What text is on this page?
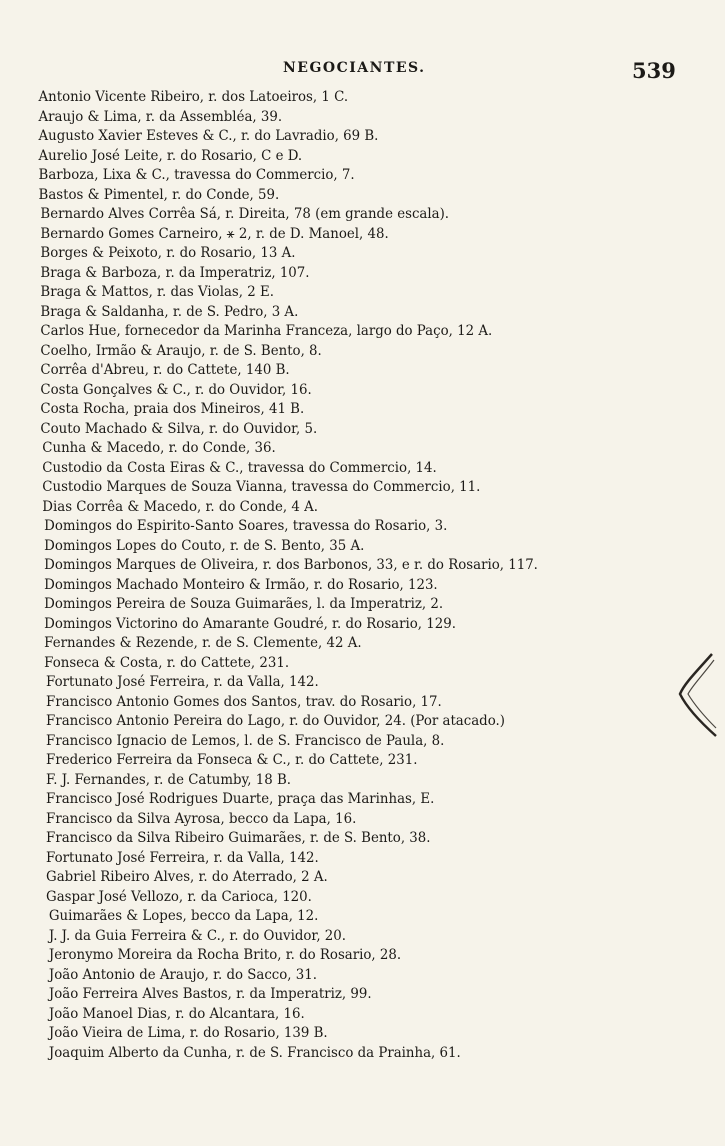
NEGOCIANTES.	539
Antonio Vicente Ribeiro, r. dos Latoeiros, 1 C.
Araujo & Lima, r. da Assembléa, 39.
Augusto Xavier Esteves & C., r. do Lavradio, 69 B.
Aurelio José Leite, r. do Rosario, C e D.
Barboza, Lixa & C., travessa do Commercio, 7.
Bastos & Pimentel, r. do Conde, 59.
Bernardo Alves Corrêa Sá, r. Direita, 78 (em grande escala).
Bernardo Gomes Carneiro, ⚹ 2, r. de D. Manoel, 48.
Borges & Peixoto, r. do Rosario, 13 A.
Braga & Barboza, r. da Imperatriz, 107.
Braga & Mattos, r. das Violas, 2 E.
Braga & Saldanha, r. de S. Pedro, 3 A.
Carlos Hue, fornecedor da Marinha Franceza, largo do Paço, 12 A.
Coelho, Irmão & Araujo, r. de S. Bento, 8.
Corrêa d'Abreu, r. do Cattete, 140 B.
Costa Gonçalves & C., r. do Ouvidor, 16.
Costa Rocha, praia dos Mineiros, 41 B.
Couto Machado & Silva, r. do Ouvidor, 5.
Cunha & Macedo, r. do Conde, 36.
Custodio da Costa Eiras & C., travessa do Commercio, 14.
Custodio Marques de Souza Vianna, travessa do Commercio, 11.
Dias Corrêa & Macedo, r. do Conde, 4 A.
Domingos do Espirito-Santo Soares, travessa do Rosario, 3.
Domingos Lopes do Couto, r. de S. Bento, 35 A.
Domingos Marques de Oliveira, r. dos Barbonos, 33, e r. do Rosario, 117.
Domingos Machado Monteiro & Irmão, r. do Rosario, 123.
Domingos Pereira de Souza Guimarães, l. da Imperatriz, 2.
Domingos Victorino do Amarante Goudré, r. do Rosario, 129.
Fernandes & Rezende, r. de S. Clemente, 42 A.
Fonseca & Costa, r. do Cattete, 231.
Fortunato José Ferreira, r. da Valla, 142.
Francisco Antonio Gomes dos Santos, trav. do Rosario, 17.
Francisco Antonio Pereira do Lago, r. do Ouvidor, 24. (Por atacado.)
Francisco Ignacio de Lemos, l. de S. Francisco de Paula, 8.
Frederico Ferreira da Fonseca & C., r. do Cattete, 231.
F. J. Fernandes, r. de Catumby, 18 B.
Francisco José Rodrigues Duarte, praça das Marinhas, E.
Francisco da Silva Ayrosa, becco da Lapa, 16.
Francisco da Silva Ribeiro Guimarães, r. de S. Bento, 38.
Fortunato José Ferreira, r. da Valla, 142.
Gabriel Ribeiro Alves, r. do Aterrado, 2 A.
Gaspar José Vellozo, r. da Carioca, 120.
Guimarães & Lopes, becco da Lapa, 12.
J. J. da Guia Ferreira & C., r. do Ouvidor, 20.
Jeronymo Moreira da Rocha Brito, r. do Rosario, 28.
João Antonio de Araujo, r. do Sacco, 31.
João Ferreira Alves Bastos, r. da Imperatriz, 99.
João Manoel Dias, r. do Alcantara, 16.
João Vieira de Lima, r. do Rosario, 139 B.
Joaquim Alberto da Cunha, r. de S. Francisco da Prainha, 61.
